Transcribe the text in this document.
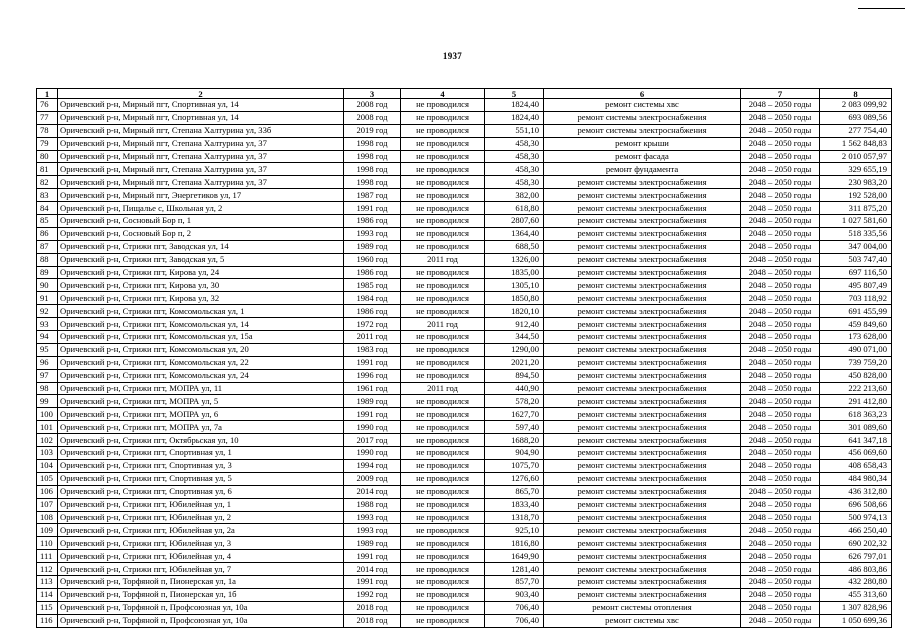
1937
1	2	3	4	5	6	7	8
76	Оричевский р-н, Мирный пгт, Спортивная ул, 14	2008 год	не проводился	1824,40	ремонт системы хвс	2048 – 2050 годы	2 083 099,92
77	Оричевский р-н, Мирный пгт, Спортивная ул, 14	2008 год	не проводился	1824,40	ремонт системы электроснабжения	2048 – 2050 годы	693 089,56
78	Оричевский р-н, Мирный пгт, Степана Халтурина ул, 33б	2019 год	не проводился	551,10	ремонт системы электроснабжения	2048 – 2050 годы	277 754,40
79	Оричевский р-н, Мирный пгт, Степана Халтурина ул, 37	1998 год	не проводился	458,30	ремонт крыши	2048 – 2050 годы	1 562 848,83
80	Оричевский р-н, Мирный пгт, Степана Халтурина ул, 37	1998 год	не проводился	458,30	ремонт фасада	2048 – 2050 годы	2 010 057,97
81	Оричевский р-н, Мирный пгт, Степана Халтурина ул, 37	1998 год	не проводился	458,30	ремонт фундамента	2048 – 2050 годы	329 655,19
82	Оричевский р-н, Мирный пгт, Степана Халтурина ул, 37	1998 год	не проводился	458,30	ремонт системы электроснабжения	2048 – 2050 годы	230 983,20
83	Оричевский р-н, Мирный пгт, Энергетиков ул, 17	1987 год	не проводился	382,00	ремонт системы электроснабжения	2048 – 2050 годы	192 528,00
84	Оричевский р-н, Пищалье с, Школьная ул, 2	1991 год	не проводился	618,80	ремонт системы электроснабжения	2048 – 2050 годы	311 875,20
85	Оричевский р-н, Сосновый Бор п, 1	1986 год	не проводился	2807,60	ремонт системы электроснабжения	2048 – 2050 годы	1 027 581,60
86	Оричевский р-н, Сосновый Бор п, 2	1993 год	не проводился	1364,40	ремонт системы электроснабжения	2048 – 2050 годы	518 335,56
87	Оричевский р-н, Стрижи пгт, Заводская ул, 14	1989 год	не проводился	688,50	ремонт системы электроснабжения	2048 – 2050 годы	347 004,00
88	Оричевский р-н, Стрижи пгт, Заводская ул, 5	1960 год	2011 год	1326,00	ремонт системы электроснабжения	2048 – 2050 годы	503 747,40
89	Оричевский р-н, Стрижи пгт, Кирова ул, 24	1986 год	не проводился	1835,00	ремонт системы электроснабжения	2048 – 2050 годы	697 116,50
90	Оричевский р-н, Стрижи пгт, Кирова ул, 30	1985 год	не проводился	1305,10	ремонт системы электроснабжения	2048 – 2050 годы	495 807,49
91	Оричевский р-н, Стрижи пгт, Кирова ул, 32	1984 год	не проводился	1850,80	ремонт системы электроснабжения	2048 – 2050 годы	703 118,92
92	Оричевский р-н, Стрижи пгт, Комсомольская ул, 1	1986 год	не проводился	1820,10	ремонт системы электроснабжения	2048 – 2050 годы	691 455,99
93	Оричевский р-н, Стрижи пгт, Комсомольская ул, 14	1972 год	2011 год	912,40	ремонт системы электроснабжения	2048 – 2050 годы	459 849,60
94	Оричевский р-н, Стрижи пгт, Комсомольская ул, 15а	2011 год	не проводился	344,50	ремонт системы электроснабжения	2048 – 2050 годы	173 628,00
95	Оричевский р-н, Стрижи пгт, Комсомольская ул, 20	1983 год	не проводился	1290,00	ремонт системы электроснабжения	2048 – 2050 годы	490 071,00
96	Оричевский р-н, Стрижи пгт, Комсомольская ул, 22	1991 год	не проводился	2021,20	ремонт системы электроснабжения	2048 – 2050 годы	739 759,20
97	Оричевский р-н, Стрижи пгт, Комсомольская ул, 24	1996 год	не проводился	894,50	ремонт системы электроснабжения	2048 – 2050 годы	450 828,00
98	Оричевский р-н, Стрижи пгт, МОПРА ул, 11	1961 год	2011 год	440,90	ремонт системы электроснабжения	2048 – 2050 годы	222 213,60
99	Оричевский р-н, Стрижи пгт, МОПРА ул, 5	1989 год	не проводился	578,20	ремонт системы электроснабжения	2048 – 2050 годы	291 412,80
100	Оричевский р-н, Стрижи пгт, МОПРА ул, 6	1991 год	не проводился	1627,70	ремонт системы электроснабжения	2048 – 2050 годы	618 363,23
101	Оричевский р-н, Стрижи пгт, МОПРА ул, 7а	1990 год	не проводился	597,40	ремонт системы электроснабжения	2048 – 2050 годы	301 089,60
102	Оричевский р-н, Стрижи пгт, Октябрьская ул, 10	2017 год	не проводился	1688,20	ремонт системы электроснабжения	2048 – 2050 годы	641 347,18
103	Оричевский р-н, Стрижи пгт, Спортивная ул, 1	1990 год	не проводился	904,90	ремонт системы электроснабжения	2048 – 2050 годы	456 069,60
104	Оричевский р-н, Стрижи пгт, Спортивная ул, 3	1994 год	не проводился	1075,70	ремонт системы электроснабжения	2048 – 2050 годы	408 658,43
105	Оричевский р-н, Стрижи пгт, Спортивная ул, 5	2009 год	не проводился	1276,60	ремонт системы электроснабжения	2048 – 2050 годы	484 980,34
106	Оричевский р-н, Стрижи пгт, Спортивная ул, 6	2014 год	не проводился	865,70	ремонт системы электроснабжения	2048 – 2050 годы	436 312,80
107	Оричевский р-н, Стрижи пгт, Юбилейная ул, 1	1988 год	не проводился	1833,40	ремонт системы электроснабжения	2048 – 2050 годы	696 508,66
108	Оричевский р-н, Стрижи пгт, Юбилейная ул, 2	1993 год	не проводился	1318,70	ремонт системы электроснабжения	2048 – 2050 годы	500 974,13
109	Оричевский р-н, Стрижи пгт, Юбилейная ул, 2а	1993 год	не проводился	925,10	ремонт системы электроснабжения	2048 – 2050 годы	466 250,40
110	Оричевский р-н, Стрижи пгт, Юбилейная ул, 3	1989 год	не проводился	1816,80	ремонт системы электроснабжения	2048 – 2050 годы	690 202,32
111	Оричевский р-н, Стрижи пгт, Юбилейная ул, 4	1991 год	не проводился	1649,90	ремонт системы электроснабжения	2048 – 2050 годы	626 797,01
112	Оричевский р-н, Стрижи пгт, Юбилейная ул, 7	2014 год	не проводился	1281,40	ремонт системы электроснабжения	2048 – 2050 годы	486 803,86
113	Оричевский р-н, Торфяной п, Пионерская ул, 1а	1991 год	не проводился	857,70	ремонт системы электроснабжения	2048 – 2050 годы	432 280,80
114	Оричевский р-н, Торфяной п, Пионерская ул, 1б	1992 год	не проводился	903,40	ремонт системы электроснабжения	2048 – 2050 годы	455 313,60
115	Оричевский р-н, Торфяной п, Профсоюзная ул, 10а	2018 год	не проводился	706,40	ремонт системы отопления	2048 – 2050 годы	1 307 828,96
116	Оричевский р-н, Торфяной п, Профсоюзная ул, 10а	2018 год	не проводился	706,40	ремонт системы хвс	2048 – 2050 годы	1 050 699,36
